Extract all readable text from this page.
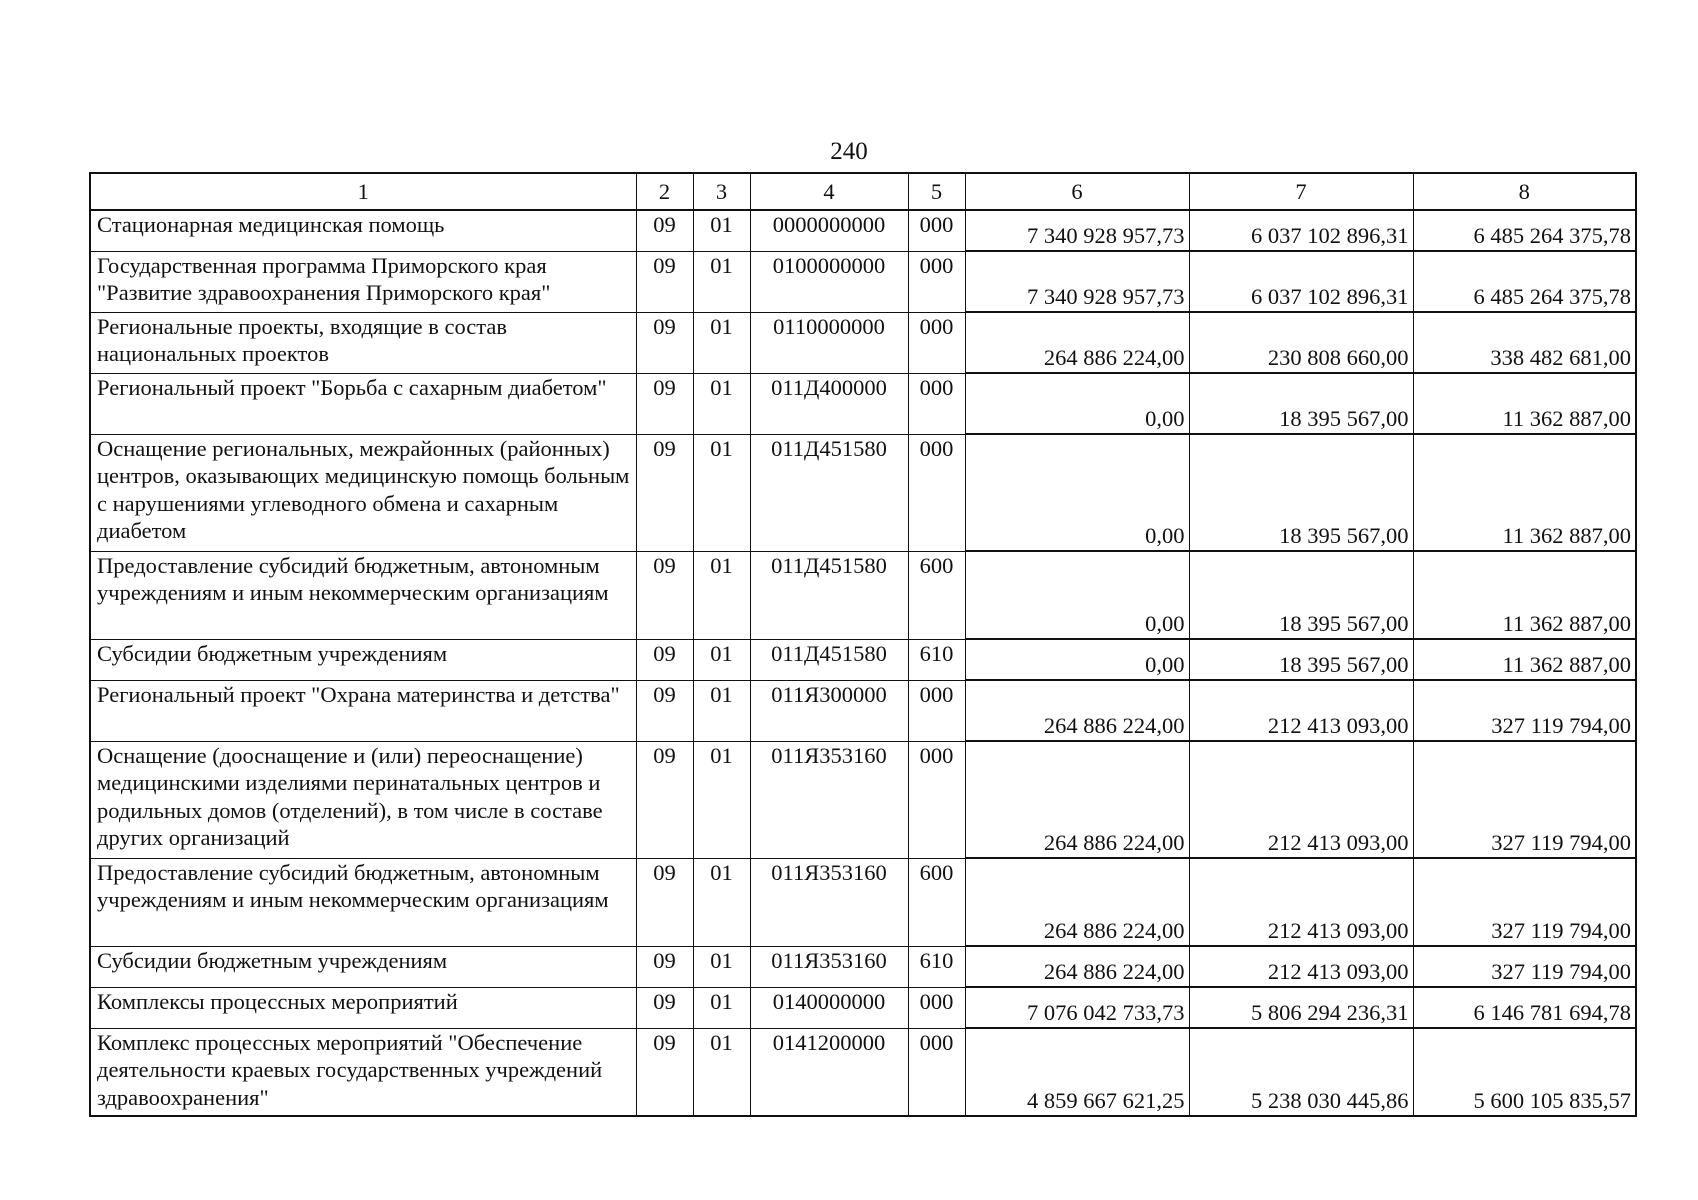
240
1	2	3	4	5	6	7	8
Стационарная медицинская помощь	09	01	0000000000	000	7 340 928 957,73	6 037 102 896,31	6 485 264 375,78
Государственная программа Приморского края "Развитие здравоохранения Приморского края"	09	01	0100000000	000	7 340 928 957,73	6 037 102 896,31	6 485 264 375,78
Региональные проекты, входящие в состав национальных проектов	09	01	0110000000	000	264 886 224,00	230 808 660,00	338 482 681,00
Региональный проект "Борьба с сахарным диабетом"	09	01	011Д400000	000	0,00	18 395 567,00	11 362 887,00
Оснащение региональных, межрайонных (районных) центров, оказывающих медицинскую помощь больным с нарушениями углеводного обмена и сахарным диабетом	09	01	011Д451580	000	0,00	18 395 567,00	11 362 887,00
Предоставление субсидий бюджетным, автономным учреждениям и иным некоммерческим организациям	09	01	011Д451580	600	0,00	18 395 567,00	11 362 887,00
Субсидии бюджетным учреждениям	09	01	011Д451580	610	0,00	18 395 567,00	11 362 887,00
Региональный проект "Охрана материнства и детства"	09	01	011Я300000	000	264 886 224,00	212 413 093,00	327 119 794,00
Оснащение (дооснащение и (или) переоснащение) медицинскими изделиями перинатальных центров и родильных домов (отделений), в том числе в составе других организаций	09	01	011Я353160	000	264 886 224,00	212 413 093,00	327 119 794,00
Предоставление субсидий бюджетным, автономным учреждениям и иным некоммерческим организациям	09	01	011Я353160	600	264 886 224,00	212 413 093,00	327 119 794,00
Субсидии бюджетным учреждениям	09	01	011Я353160	610	264 886 224,00	212 413 093,00	327 119 794,00
Комплексы процессных мероприятий	09	01	0140000000	000	7 076 042 733,73	5 806 294 236,31	6 146 781 694,78
Комплекс процессных мероприятий "Обеспечение деятельности краевых государственных учреждений здравоохранения"	09	01	0141200000	000	4 859 667 621,25	5 238 030 445,86	5 600 105 835,57
